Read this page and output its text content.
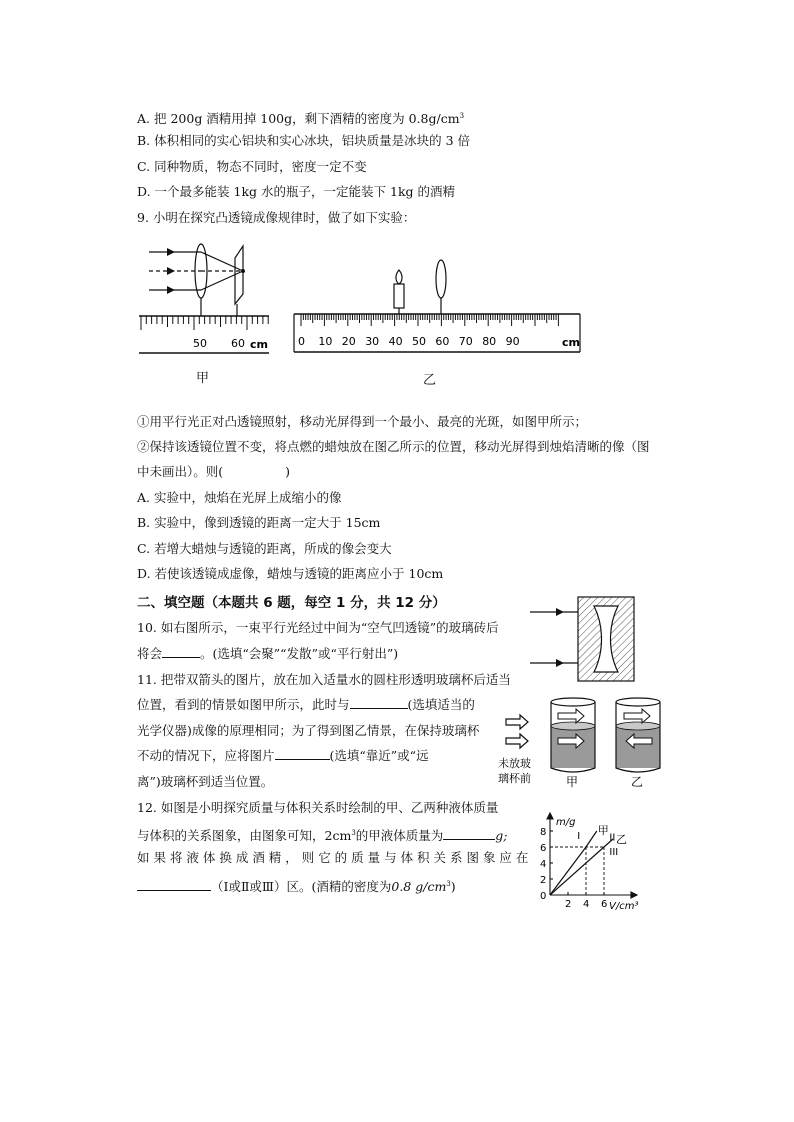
A. 把 200g 酒精用掉 100g，剩下酒精的密度为 $0.8g/cm^3$
B. 体积相同的实心铝块和实心冰块，铝块质量是冰块的 3 倍
C. 同种物质，物态不同时，密度一定不变
D. 一个最多能装 1kg 水的瓶子，一定能装下 1kg 的酒精
9. 小明在探究凸透镜成像规律时，做了如下实验：
50 60 cm
甲
0 10 20 30 40 50 60 70 80 90	cm
乙
①用平行光正对凸透镜照射，移动光屏得到一个最小、最亮的光斑，如图甲所示；
②保持该透镜位置不变，将点燃的蜡烛放在图乙所示的位置，移动光屏得到烛焰清晰的像（图
中未画出）。则(	)
A. 实验中，烛焰在光屏上成缩小的像
B. 实验中，像到透镜的距离一定大于 15cm
C. 若增大蜡烛与透镜的距离，所成的像会变大
D. 若使该透镜成虚像，蜡烛与透镜的距离应小于 10cm
二、填空题（本题共 6 题，每空 1 分，共 12 分）
10. 如右图所示，一束平行光经过中间为“空气凹透镜”的玻璃砖后
将会	。(选填“会聚”“发散”或“平行射出”)
11. 把带双箭头的图片，放在加入适量水的圆柱形透明玻璃杯后适当
位置，看到的情景如图甲所示，此时与	(选填适当的
光学仪器)成像的原理相同；为了得到图乙情景，在保持玻璃杯
不动的情况下，应将图片	(选填“靠近”或“远
离”)玻璃杯到适当位置。
未放玻
璃杯前	甲	乙
12. 如图是小明探究质量与体积关系时绘制的甲、乙两种液体质量
与体积的关系图象，由图象可知，$2cm^3$的甲液体质量为	g;
如 果 将 液 体 换 成 酒 精 ， 则 它 的 质 量 与 体 积 关 系 图 象 应 在
（Ⅰ或Ⅱ或Ⅲ）区。(酒精的密度为0.8 $g/cm^3$)
0
2
4
6
8
2 4 6
甲
乙
I	II
III
m/g
V/cm³
